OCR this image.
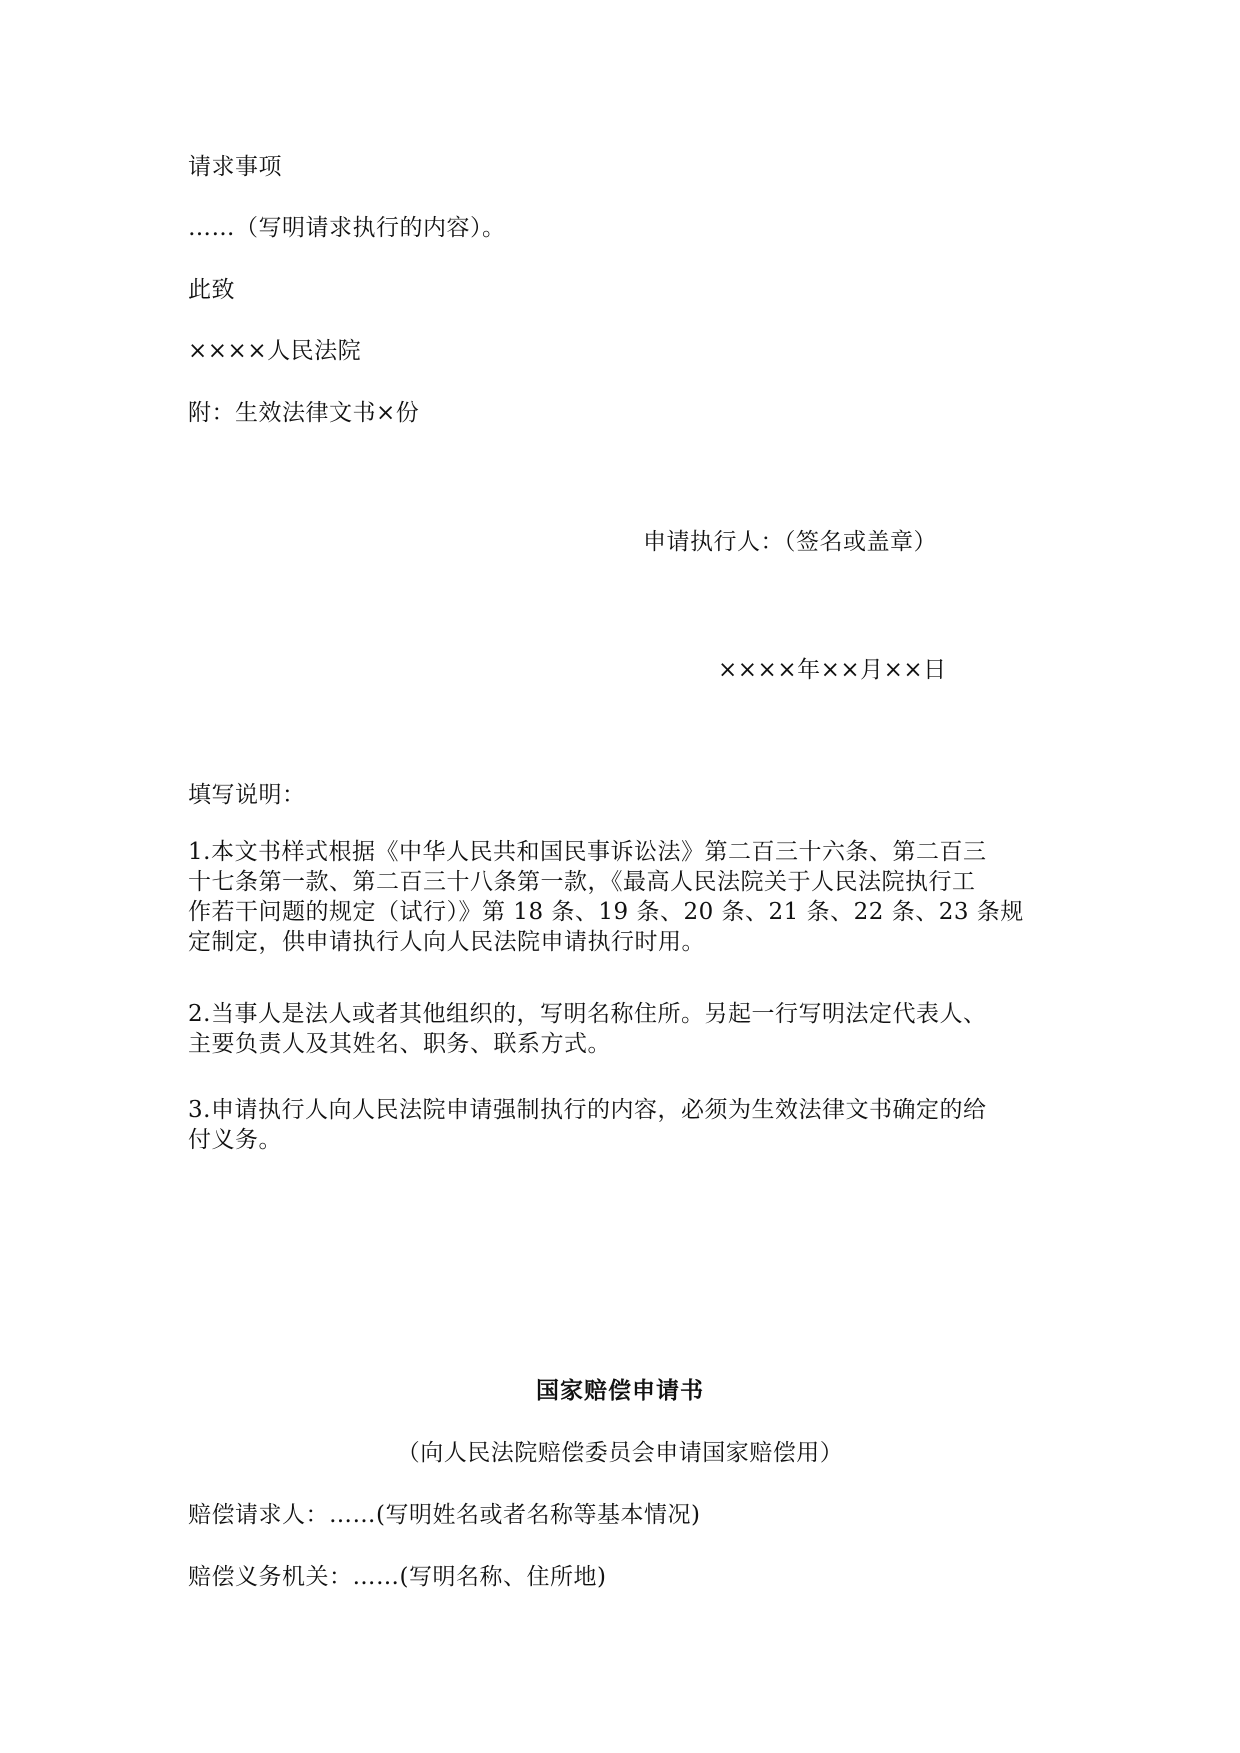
请求事项
……（写明请求执行的内容）。
此致
××××人民法院
附：生效法律文书×份
申请执行人：（签名或盖章）
××××年××月××日
填写说明：
1.本文书样式根据《中华人民共和国民事诉讼法》第二百三十六条、第二百三
十七条第一款、第二百三十八条第一款，《最高人民法院关于人民法院执行工
作若干问题的规定（试行）》第 18 条、19 条、20 条、21 条、22 条、23 条规
定制定，供申请执行人向人民法院申请执行时用。
2.当事人是法人或者其他组织的，写明名称住所。另起一行写明法定代表人、
主要负责人及其姓名、职务、联系方式。
3.申请执行人向人民法院申请强制执行的内容，必须为生效法律文书确定的给
付义务。
国家赔偿申请书
（向人民法院赔偿委员会申请国家赔偿用）
赔偿请求人：……(写明姓名或者名称等基本情况)
赔偿义务机关：……(写明名称、住所地)
